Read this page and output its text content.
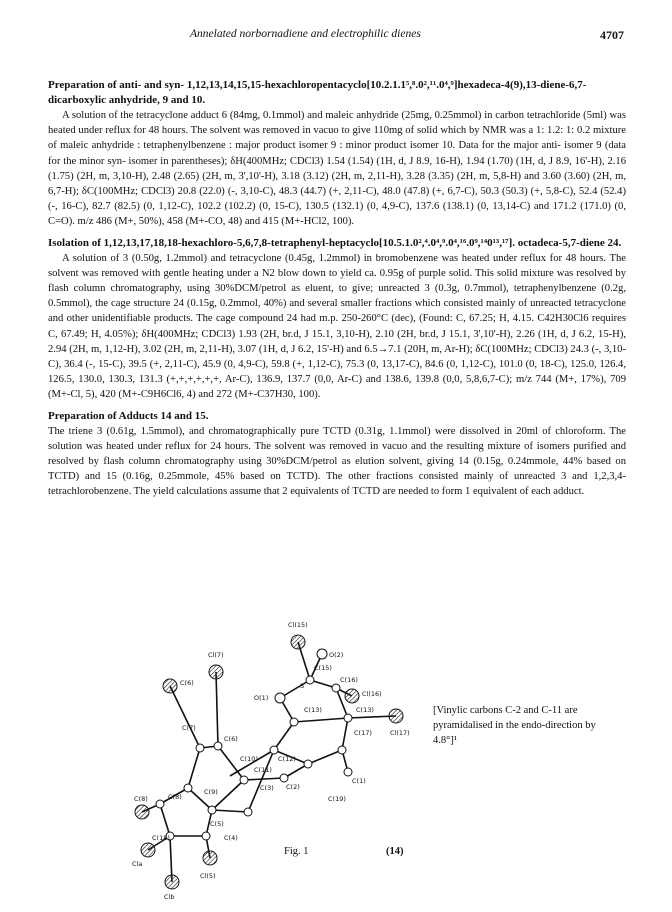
Annelated norbornadiene and electrophilic dienes	4707

Preparation of anti- and syn- 1,12,13,14,15,15-hexachloropentacyclo[10.2.1.1⁵,⁸.0²,¹¹.0⁴,⁹]hexadeca-4(9),13-diene-6,7-dicarboxylic anhydride, 9 and 10.

A solution of the tetracyclone adduct 6 (84mg, 0.1mmol) and maleic anhydride (25mg, 0.25mmol) in carbon tetrachloride (5ml) was heated under reflux for 48 hours. The solvent was removed in vacuo to give 110mg of solid which by NMR was a 1: 1.2: 1: 0.2 mixture of maleic anhydride : tetraphenylbenzene : major product isomer 9 : minor product isomer 10. Data for the major anti- isomer 9 (data for the minor syn- isomer in parentheses); δH(400MHz; CDCl3) 1.54 (1.54) (1H, d, J 8.9, 16-H), 1.94 (1.70) (1H, d, J 8.9, 16'-H), 2.16 (1.75) (2H, m, 3,10-H), 2.48 (2.65) (2H, m, 3',10'-H), 3.18 (3.12) (2H, m, 2,11-H), 3.28 (3.35) (2H, m, 5,8-H) and 3.60 (3.60) (2H, m, 6,7-H); δC(100MHz; CDCl3) 20.8 (22.0) (-, 3,10-C), 48.3 (44.7) (+, 2,11-C), 48.0 (47.8) (+, 6,7-C), 50.3 (50.3) (+, 5,8-C), 52.4 (52.4) (-, 16-C), 82.7 (82.5) (0, 1,12-C), 102.2 (102.2) (0, 15-C), 130.5 (132.1) (0, 4,9-C), 137.6 (138.1) (0, 13,14-C) and 171.2 (171.0) (0, C=O). m/z 486 (M+, 50%), 458 (M+-CO, 48) and 415 (M+-HCl2, 100).

Isolation of 1,12,13,17,18,18-hexachloro-5,6,7,8-tetraphenyl-heptacyclo[10.5.1.0²,⁴.0⁴,⁹.0⁴,¹⁶.0⁹,¹⁴0¹³,¹⁷]. octadeca-5,7-diene 24.

A solution of 3 (0.50g, 1.2mmol) and tetracyclone (0.45g, 1.2mmol) in bromobenzene was heated under reflux for 48 hours. The solvent was removed with gentle heating under a N2 blow down to yield ca. 0.95g of purple solid. This solid mixture was resolved by flash column chromatography, using 30%DCM/petrol as eluent, to give; unreacted 3 (0.3g, 0.7mmol), tetraphenylbenzene (0.2g, 0.5mmol), the cage structure 24 (0.15g, 0.2mmol, 40%) and several smaller fractions which consisted mainly of unreacted tetracyclone and other unidentifiable products. The cage compound 24 had m.p. 250-260°C (dec), (Found: C, 67.25; H, 4.15. C42H30Cl6 requires C, 67.49; H, 4.05%); δH(400MHz; CDCl3) 1.93 (2H, br.d, J 15.1, 3,10-H), 2.10 (2H, br.d, J 15.1, 3',10'-H), 2.26 (1H, d, J 6.2, 15-H), 2.94 (2H, m, 1,12-H), 3.02 (2H, m, 2,11-H), 3.07 (1H, d, J 6.2, 15'-H) and 6.5→7.1 (20H, m, Ar-H); δC(100MHz; CDCl3) 24.3 (-, 3,10-C), 36.4 (-, 15-C), 39.5 (+, 2,11-C), 45.9 (0, 4,9-C), 59.8 (+, 1,12-C), 75.3 (0, 13,17-C), 84.6 (0, 1,12-C), 101.0 (0, 18-C), 125.0, 126.4, 126.5, 130.0, 130.3, 131.3 (+,+,+,+,+,+, Ar-C), 136.9, 137.7 (0,0, Ar-C) and 138.6, 139.8 (0,0, 5,8,6,7-C); m/z 744 (M+, 17%), 709 (M+-Cl, 5), 420 (M+-C9H6Cl6, 4) and 272 (M+-C37H30, 100).

Preparation of Adducts 14 and 15.

The triene 3 (0.61g, 1.5mmol), and chromatographically pure TCTD (0.31g, 1.1mmol) were dissolved in 20ml of chloroform. The solution was heated under reflux for 24 hours. The solvent was removed in vacuo and the resulting mixture of isomers purified and resolved by flash column chromatography using 30%DCM/petrol as elution solvent, giving 14 (0.15g, 0.24mmole, 44% based on TCTD) and 15 (0.16g, 0.25mmole, 45% based on TCTD). The other fractions consisted mainly of unreacted 3 and 1,2,3,4-tetrachlorobenzene. The yield calculations assume that 2 equivalents of TCTD are needed to form 1 equivalent of each adduct.

Cl(15)
O(2)
C(15)
O(1)
S
C(16)
Cl(16)
C(13)	C(13)
Cl(17)
C(17)
Cl(7)
C(6)
C(7)
C(6)
C(10)
C(11)
C(12)
C(1)
C(8)	C(8)
C(9)	C(3) C(2)
C(5)
C(4)
C(19)
Cla
C(18)
Cl(5)
Clb
[Vinylic carbons C-2 and C-11 are pyramidalised in the endo-direction by 4.8°]¹
Fig. 1	(14)
